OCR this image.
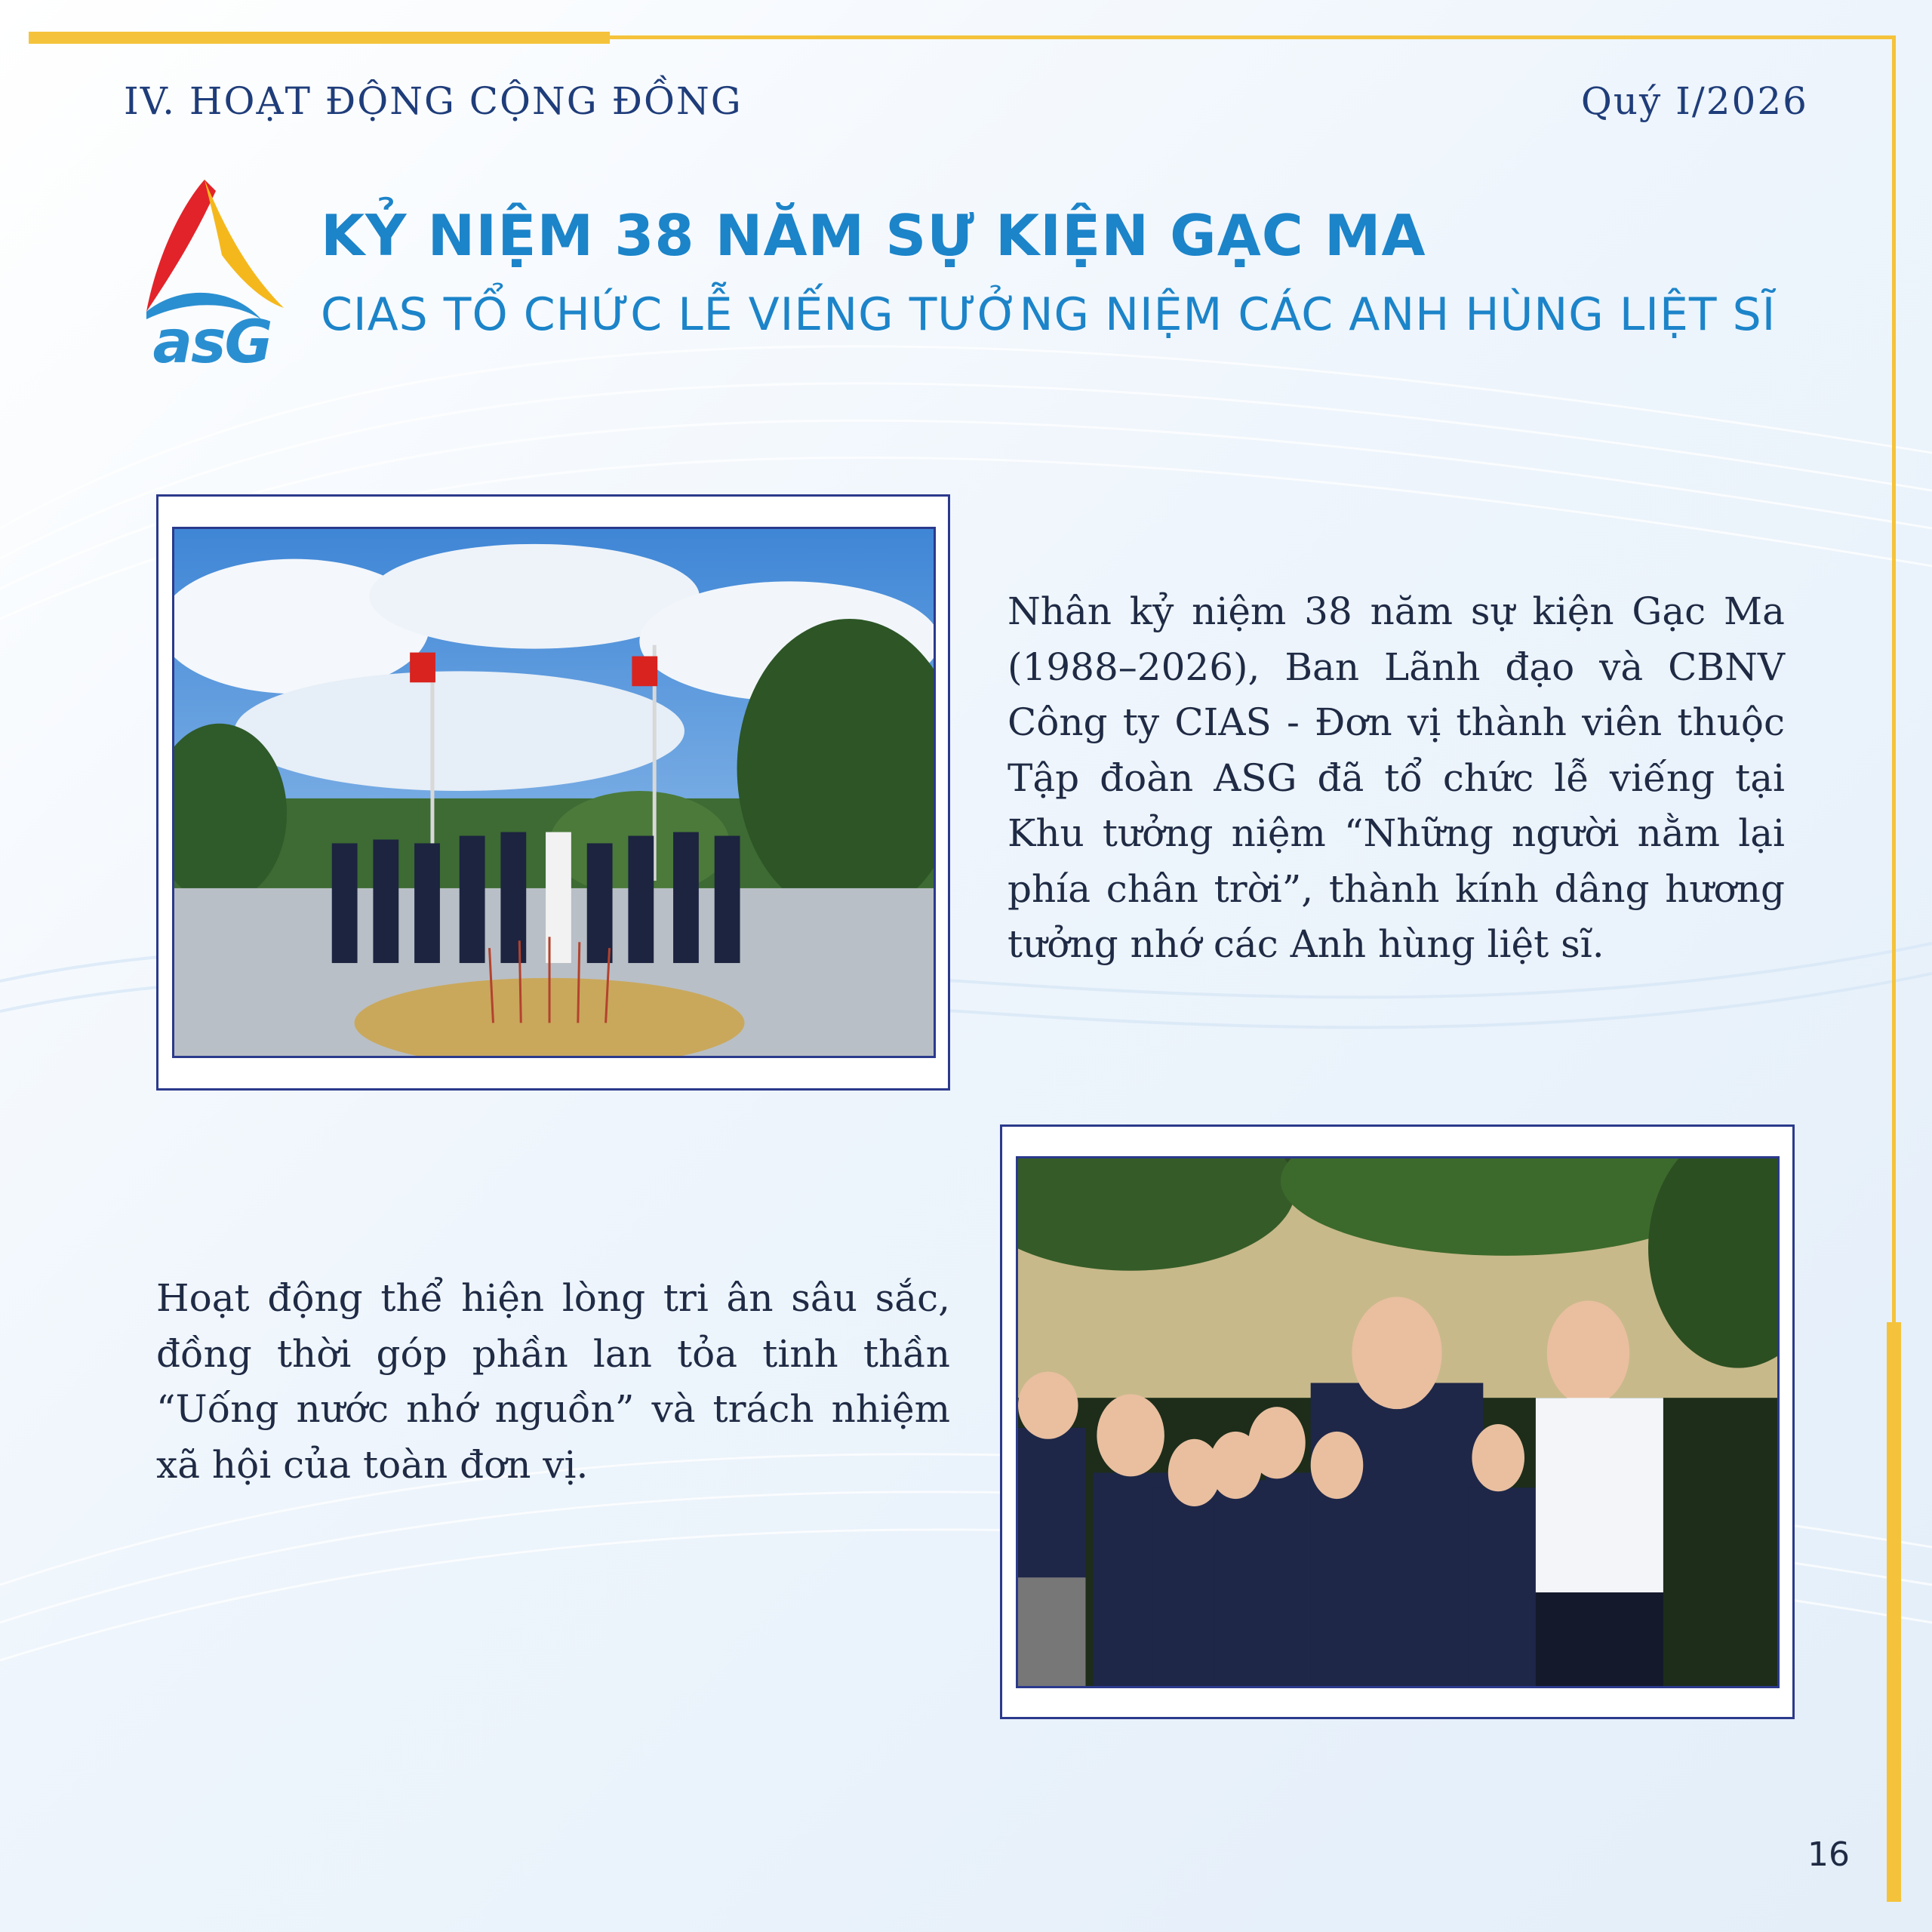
IV. HOẠT ĐỘNG CỘNG ĐỒNG	Quý I/2026
asG
KỶ NIỆM 38 NĂM SỰ KIỆN GẠC MA
CIAS TỔ CHỨC LỄ VIẾNG TƯỞNG NIỆM CÁC ANH HÙNG LIỆT SĨ
Nhân kỷ niệm 38 năm sự kiện Gạc Ma (1988–2026), Ban Lãnh đạo và CBNV Công ty CIAS - Đơn vị thành viên thuộc Tập đoàn ASG đã tổ chức lễ viếng tại Khu tưởng niệm “Những người nằm lại phía chân trời”, thành kính dâng hương tưởng nhớ các Anh hùng liệt sĩ.
Hoạt động thể hiện lòng tri ân sâu sắc, đồng thời góp phần lan tỏa tinh thần “Uống nước nhớ nguồn” và trách nhiệm xã hội của toàn đơn vị.
16
